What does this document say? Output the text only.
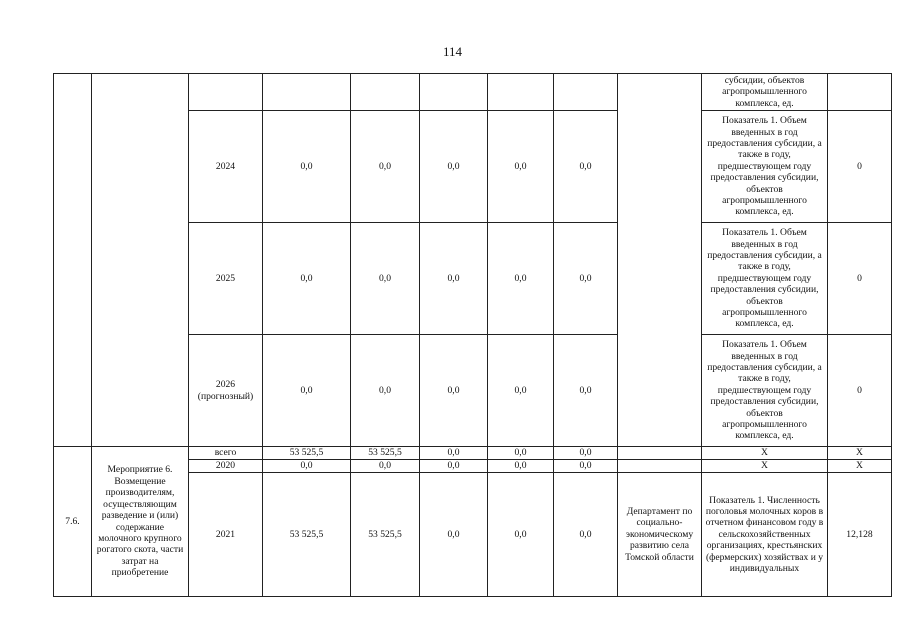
114
									субсидии, объектов агропромышленного комплекса, ед.	
		2024	0,0	0,0	0,0	0,0	0,0		Показатель 1. Объем введенных в год предоставления субсидии, а также в году, предшествующем году предоставления субсидии, объектов агропромышленного комплекса, ед.	0
		2025	0,0	0,0	0,0	0,0	0,0		Показатель 1. Объем введенных в год предоставления субсидии, а также в году, предшествующем году предоставления субсидии, объектов агропромышленного комплекса, ед.	0
		2026 (прогнозный)	0,0	0,0	0,0	0,0	0,0		Показатель 1. Объем введенных в год предоставления субсидии, а также в году, предшествующем году предоставления субсидии, объектов агропромышленного комплекса, ед.	0
7.6.	Мероприятие 6. Возмещение производителям, осуществляющим разведение и (или) содержание молочного крупного рогатого скота, части затрат на приобретение	всего	53 525,5	53 525,5	0,0	0,0	0,0		X	X
		2020	0,0	0,0	0,0	0,0	0,0		X	X
		2021	53 525,5	53 525,5	0,0	0,0	0,0	Департамент по социально-экономическому развитию села Томской области	Показатель 1. Численность поголовья молочных коров в отчетном финансовом году в сельскохозяйственных организациях, крестьянских (фермерских) хозяйствах и у индивидуальных	12,128
